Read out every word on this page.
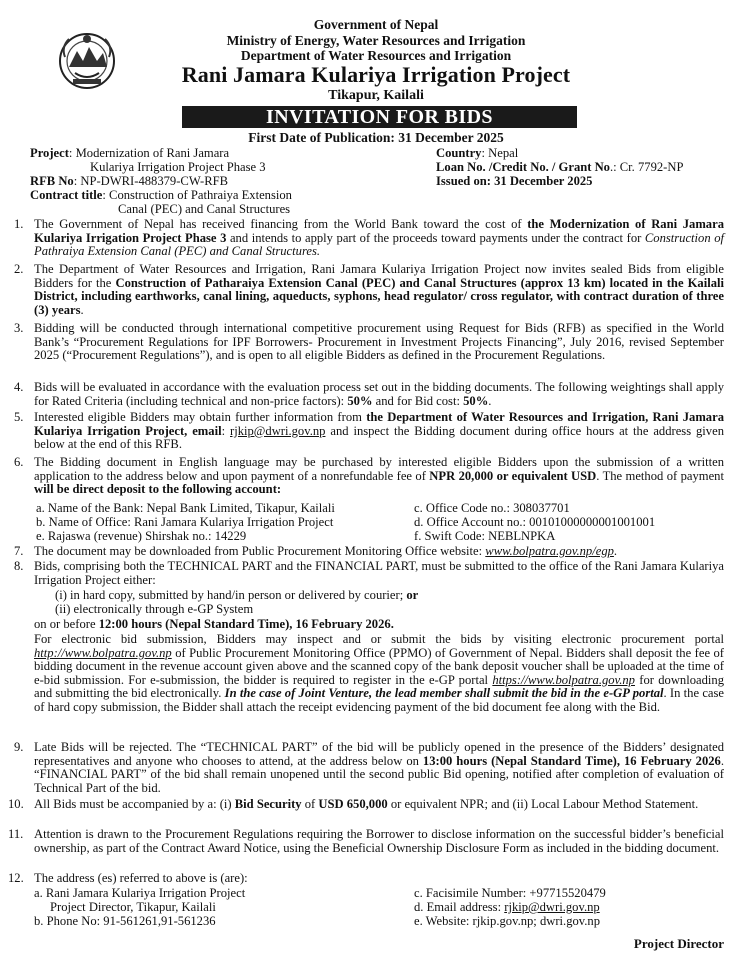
Government of Nepal
Ministry of Energy, Water Resources and Irrigation
Department of Water Resources and Irrigation
Rani Jamara Kulariya Irrigation Project
Tikapur, Kailali
INVITATION FOR BIDS
First Date of Publication: 31 December 2025
Project: Modernization of Rani Jamara
Kulariya Irrigation Project Phase 3
RFB No: NP-DWRI-488379-CW-RFB
Contract title: Construction of Pathraiya Extension
Canal (PEC) and Canal Structures
Country: Nepal
Loan No. /Credit No. / Grant No.: Cr. 7792-NP
Issued on: 31 December 2025
1. The Government of Nepal has received financing from the World Bank toward the cost of the Modernization of Rani Jamara Kulariya Irrigation Project Phase 3 and intends to apply part of the proceeds toward payments under the contract for Construction of Pathraiya Extension Canal (PEC) and Canal Structures.
2. The Department of Water Resources and Irrigation, Rani Jamara Kulariya Irrigation Project now invites sealed Bids from eligible Bidders for the Construction of Patharaiya Extension Canal (PEC) and Canal Structures (approx 13 km) located in the Kailali District, including earthworks, canal lining, aqueducts, syphons, head regulator/ cross regulator, with contract duration of three (3) years.
3. Bidding will be conducted through international competitive procurement using Request for Bids (RFB) as specified in the World Bank’s “Procurement Regulations for IPF Borrowers- Procurement in Investment Projects Financing”, July 2016, revised September 2025 (“Procurement Regulations”), and is open to all eligible Bidders as defined in the Procurement Regulations.
4. Bids will be evaluated in accordance with the evaluation process set out in the bidding documents. The following weightings shall apply for Rated Criteria (including technical and non-price factors): 50% and for Bid cost: 50%.
5. Interested eligible Bidders may obtain further information from the Department of Water Resources and Irrigation, Rani Jamara Kulariya Irrigation Project, email: rjkip@dwri.gov.np and inspect the Bidding document during office hours at the address given below at the end of this RFB.
6. The Bidding document in English language may be purchased by interested eligible Bidders upon the submission of a written application to the address below and upon payment of a nonrefundable fee of NPR 20,000 or equivalent USD. The method of payment will be direct deposit to the following account:
a. Name of the Bank: Nepal Bank Limited, Tikapur, Kailali
b. Name of Office: Rani Jamara Kulariya Irrigation Project
e. Rajaswa (revenue) Shirshak no.: 14229
c. Office Code no.: 308037701
d. Office Account no.: 00101000000001001001
f. Swift Code: NEBLNPKA
7. The document may be downloaded from Public Procurement Monitoring Office website: www.bolpatra.gov.np/egp.
8. Bids, comprising both the TECHNICAL PART and the FINANCIAL PART, must be submitted to the office of the Rani Jamara Kulariya Irrigation Project either:
(i) in hard copy, submitted by hand/in person or delivered by courier; or
(ii) electronically through e-GP System
on or before 12:00 hours (Nepal Standard Time), 16 February 2026.
For electronic bid submission, Bidders may inspect and or submit the bids by visiting electronic procurement portal http://www.bolpatra.gov.np of Public Procurement Monitoring Office (PPMO) of Government of Nepal. Bidders shall deposit the fee of bidding document in the revenue account given above and the scanned copy of the bank deposit voucher shall be uploaded at the time of e-bid submission. For e-submission, the bidder is required to register in the e-GP portal https://www.bolpatra.gov.np for downloading and submitting the bid electronically. In the case of Joint Venture, the lead member shall submit the bid in the e-GP portal. In the case of hard copy submission, the Bidder shall attach the receipt evidencing payment of the bid document fee along with the Bid.
9. Late Bids will be rejected. The “TECHNICAL PART” of the bid will be publicly opened in the presence of the Bidders’ designated representatives and anyone who chooses to attend, at the address below on 13:00 hours (Nepal Standard Time), 16 February 2026. “FINANCIAL PART” of the bid shall remain unopened until the second public Bid opening, notified after completion of evaluation of Technical Part of the bid.
10. All Bids must be accompanied by a: (i) Bid Security of USD 650,000 or equivalent NPR; and (ii) Local Labour Method Statement.
11. Attention is drawn to the Procurement Regulations requiring the Borrower to disclose information on the successful bidder’s beneficial ownership, as part of the Contract Award Notice, using the Beneficial Ownership Disclosure Form as included in the bidding document.
12. The address (es) referred to above is (are):
a. Rani Jamara Kulariya Irrigation Project
Project Director, Tikapur, Kailali
b. Phone No: 91-561261,91-561236
c. Facisimile Number: +97715520479
d. Email address: rjkip@dwri.gov.np
e. Website: rjkip.gov.np; dwri.gov.np
Project Director
